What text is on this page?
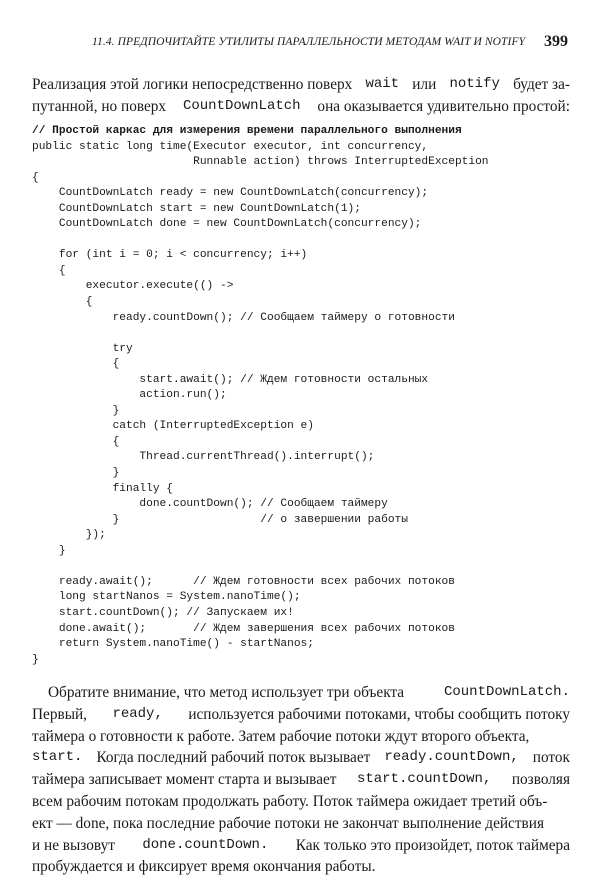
11.4. ПРЕДПОЧИТАЙТЕ УТИЛИТЫ ПАРАЛЛЕЛЬНОСТИ МЕТОДАМ WAIT И NOTIFY 399
Реализация этой логики непосредственно поверх wait или notify будет за-
путанной, но поверх CountDownLatch она оказывается удивительно простой:
// Простой каркас для измерения времени параллельного выполнения
public static long time(Executor executor, int concurrency,
Runnable action) throws InterruptedException
{
CountDownLatch ready = new CountDownLatch(concurrency);
CountDownLatch start = new CountDownLatch(1);
CountDownLatch done = new CountDownLatch(concurrency);
for (int i = 0; i < concurrency; i++)
{
executor.execute(() ->
{
ready.countDown(); // Сообщаем таймеру о готовности
try
{
start.await(); // Ждем готовности остальных
action.run();
}
catch (InterruptedException e)
{
Thread.currentThread().interrupt();
}
finally {
done.countDown(); // Сообщаем таймеру
}                     // о завершении работы
});
}
ready.await();      // Ждем готовности всех рабочих потоков
long startNanos = System.nanoTime();
start.countDown(); // Запускаем их!
done.await();       // Ждем завершения всех рабочих потоков
return System.nanoTime() - startNanos;
}
Обратите внимание, что метод использует три объекта	CountDownLatch.
Первый, ready, используется рабочими потоками, чтобы сообщить потоку
таймера о готовности к работе. Затем рабочие потоки ждут второго объекта,
start. Когда последний рабочий поток вызывает ready.countDown, поток
таймера записывает момент старта и вызывает start.countDown, позволяя
всем рабочим потокам продолжать работу. Поток таймера ожидает третий объ-
ект — done, пока последние рабочие потоки не закончат выполнение действия
и не вызовут done.countDown. Как только это произойдет, поток таймера
пробуждается и фиксирует время окончания работы.
